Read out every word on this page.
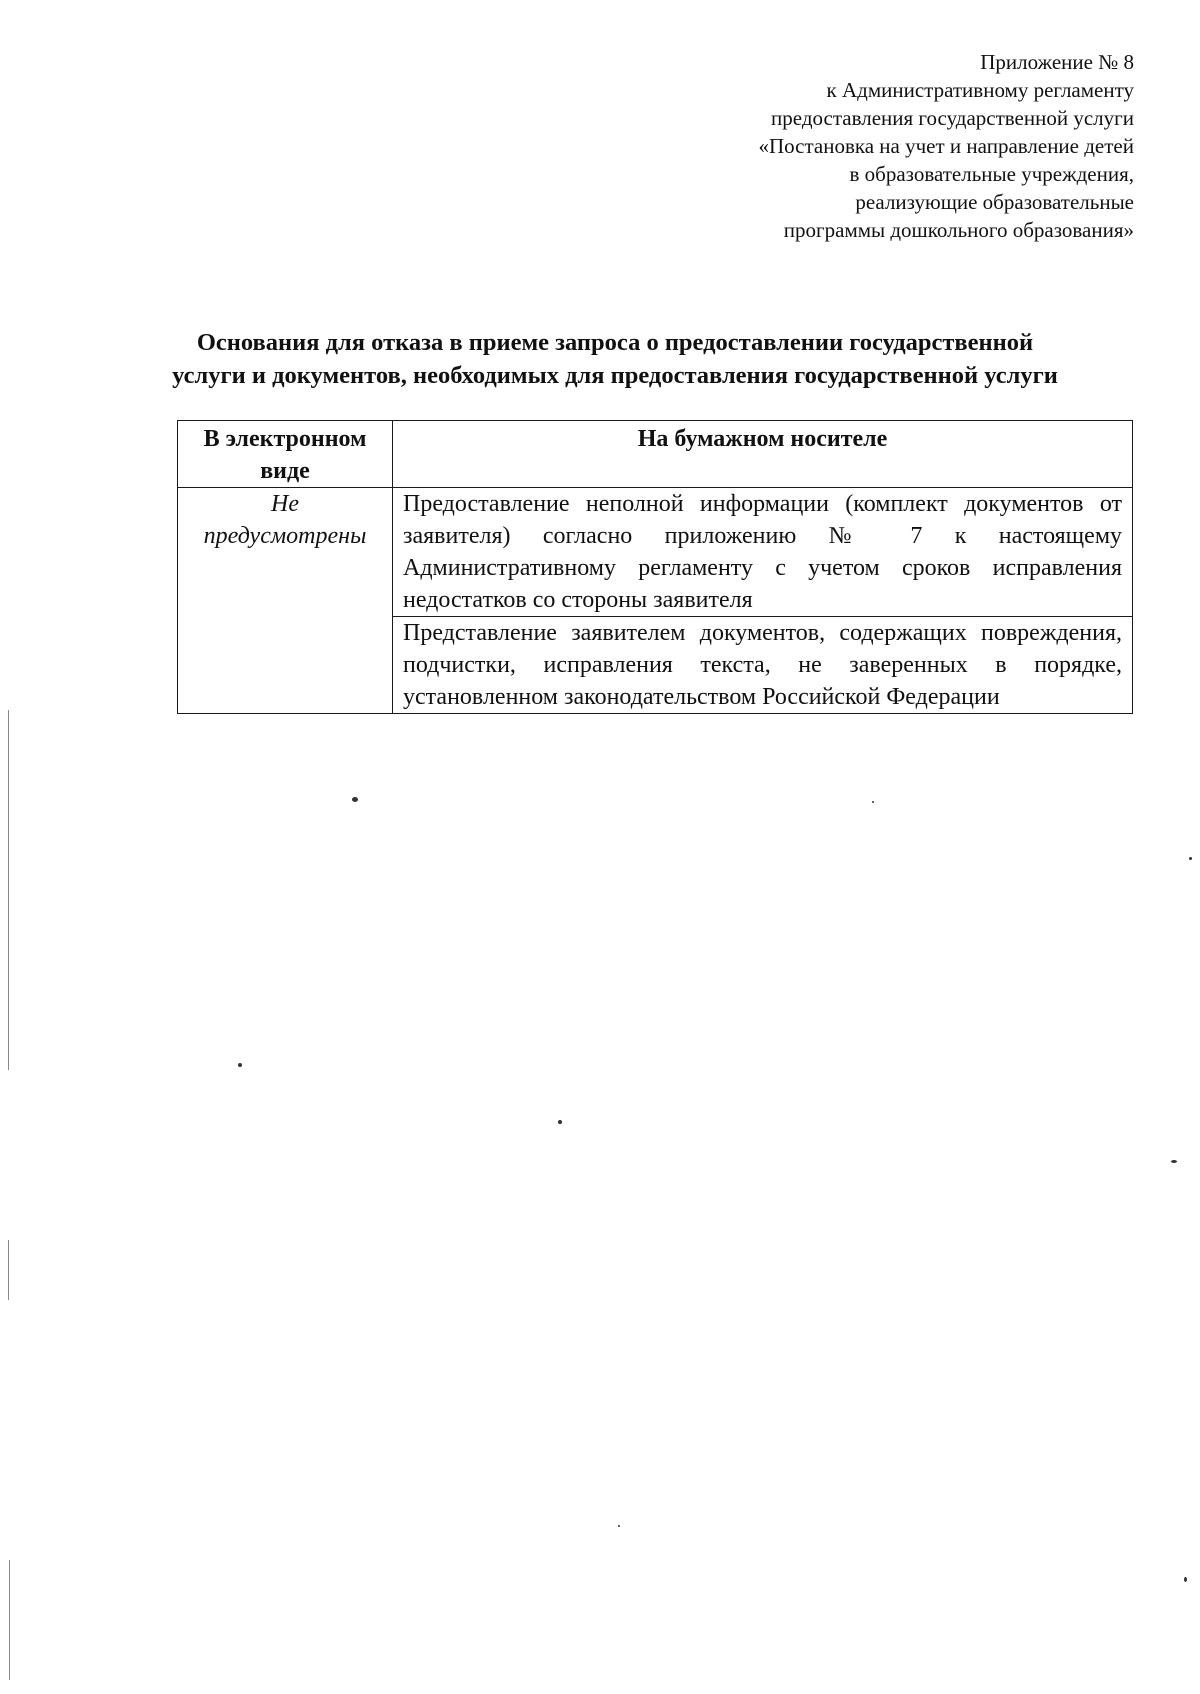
Приложение № 8
к Административному регламенту
предоставления государственной услуги
«Постановка на учет и направление детей
в образовательные учреждения,
реализующие образовательные
программы дошкольного образования»
Основания для отказа в приеме запроса о предоставлении государственной
услуги и документов, необходимых для предоставления государственной услуги
В электронном виде	На бумажном носителе
Не предусмотрены	Предоставление неполной информации (комплект документов от заявителя) согласно приложению № 7 к настоящему Административному регламенту с учетом сроков исправления недостатков со стороны заявителя
	Представление заявителем документов, содержащих повреждения, подчистки, исправления текста, не заверенных в порядке, установленном законодательством Российской Федерации
